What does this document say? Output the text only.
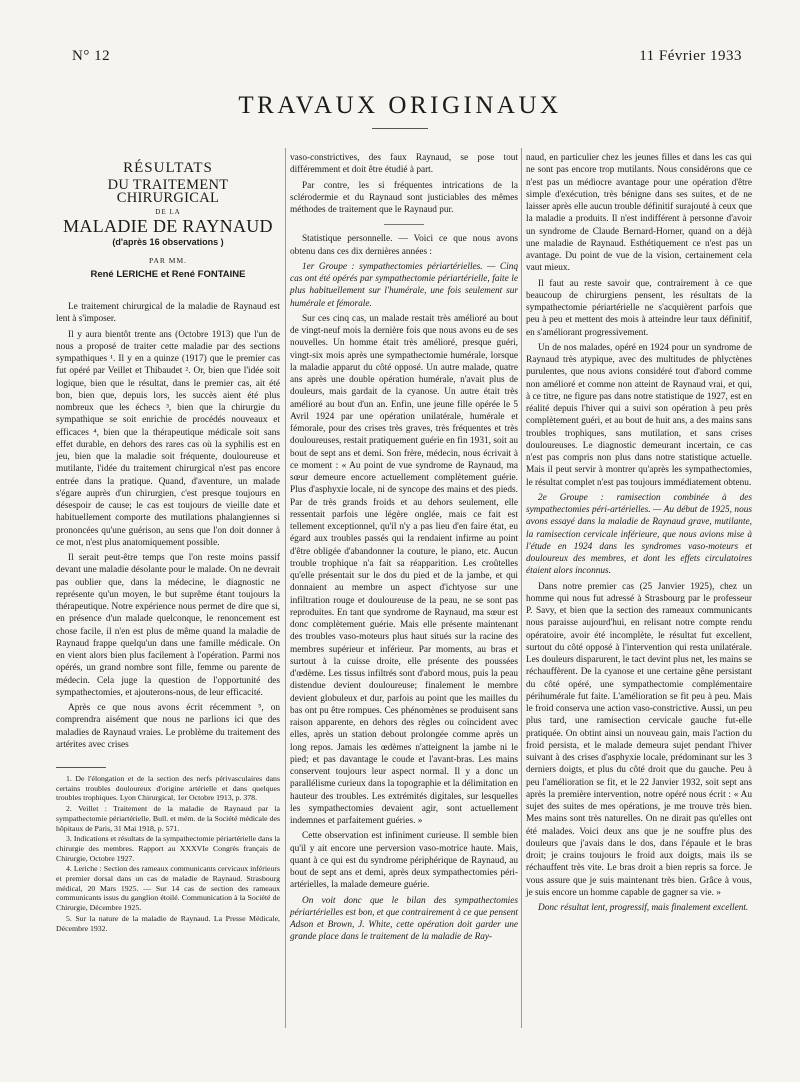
N° 12	11 Février 1933
TRAVAUX ORIGINAUX
RÉSULTATS
DU TRAITEMENT CHIRURGICAL
DE LA
MALADIE DE RAYNAUD
(d'après 16 observations )
PAR MM.
René LERICHE et René FONTAINE

Le traitement chirurgical de la maladie de Raynaud est lent à s'imposer.

Il y aura bientôt trente ans (Octobre 1913) que l'un de nous a proposé de traiter cette maladie par des sections sympathiques ¹. Il y en a quinze (1917) que le premier cas fut opéré par Veillet et Thibaudet ². Or, bien que l'idée soit logique, bien que le résultat, dans le premier cas, ait été bon, bien que, depuis lors, les succès aient été plus nombreux que les échecs ³, bien que la chirurgie du sympathique se soit enrichie de procédés nouveaux et efficaces ⁴, bien que la thérapeutique médicale soit sans effet durable, en dehors des rares cas où la syphilis est en jeu, bien que la maladie soit fréquente, douloureuse et mutilante, l'idée du traitement chirurgical n'est pas encore entrée dans la pratique. Quand, d'aventure, un malade s'égare auprès d'un chirurgien, c'est presque toujours en désespoir de cause; le cas est toujours de vieille date et habituellement comporte des mutilations phalangiennes si prononcées qu'une guérison, au sens que l'on doit donner à ce mot, n'est plus anatomiquement possible.

Il serait peut-être temps que l'on reste moins passif devant une maladie désolante pour le malade. On ne devrait pas oublier que, dans la médecine, le diagnostic ne représente qu'un moyen, le but suprême étant toujours la thérapeutique. Notre expérience nous permet de dire que si, en présence d'un malade quelconque, le renoncement est chose facile, il n'en est plus de même quand la maladie de Raynaud frappe quelqu'un dans une famille médicale. On en vient alors bien plus facilement à l'opération. Parmi nos opérés, un grand nombre sont fille, femme ou parente de médecin. Cela juge la question de l'opportunité des sympathectomies, et ajouterons-nous, de leur efficacité.

Après ce que nous avons écrit récemment ⁵, on comprendra aisément que nous ne parlions ici que des maladies de Raynaud vraies. Le problème du traitement des artérites avec crises

1. De l'élongation et de la section des nerfs périvasculaires dans certains troubles douloureux d'origine artérielle et dans quelques troubles trophiques. Lyon Chirurgical, 1er Octobre 1913, p. 378.

2. Veillet : Traitement de la maladie de Raynaud par la sympathectomie périartérielle. Bull. et mém. de la Société médicale des hôpitaux de Paris, 31 Mai 1918, p. 571.

3. Indications et résultats de la sympathectomie périartérielle dans la chirurgie des membres. Rapport au XXXVIe Congrès français de Chirurgie, Octobre 1927.

4. Leriche : Section des rameaux communicants cervicaux inférieurs et premier dorsal dans un cas de maladie de Raynaud. Strasbourg médical, 20 Mars 1925. — Sur 14 cas de section des rameaux communicants issus du ganglion étoilé. Communication à la Société de Chirurgie, Décembre 1925.

5. Sur la nature de la maladie de Raynaud. La Presse Médicale, Décembre 1932.

vaso-constrictives, des faux Raynaud, se pose tout différemment et doit être étudié à part.

Par contre, les si fréquentes intrications de la sclérodermie et du Raynaud sont justiciables des mêmes méthodes de traitement que le Raynaud pur.

Statistique personnelle. — Voici ce que nous avons obtenu dans ces dix dernières années :

1er Groupe : sympathectomies périartérielles. — Cinq cas ont été opérés par sympathectomie périartérielle, faite le plus habituellement sur l'humérale, une fois seulement sur humérale et fémorale.

Sur ces cinq cas, un malade restait très amélioré au bout de vingt-neuf mois la dernière fois que nous avons eu de ses nouvelles. Un homme était très amélioré, presque guéri, vingt-six mois après une sympathectomie humérale, lorsque la maladie apparut du côté opposé. Un autre malade, quatre ans après une double opération humérale, n'avait plus de douleurs, mais gardait de la cyanose. Un autre était très amélioré au bout d'un an. Enfin, une jeune fille opérée le 5 Avril 1924 par une opération unilatérale, humérale et fémorale, pour des crises très graves, très fréquentes et très douloureuses, restait pratiquement guérie en fin 1931, soit au bout de sept ans et demi. Son frère, médecin, nous écrivait à ce moment : « Au point de vue syndrome de Raynaud, ma sœur demeure encore actuellement complètement guérie. Plus d'asphyxie locale, ni de syncope des mains et des pieds. Par de très grands froids et au dehors seulement, elle ressentait parfois une légère onglée, mais ce fait est tellement exceptionnel, qu'il n'y a pas lieu d'en faire état, eu égard aux troubles passés qui la rendaient infirme au point d'être obligée d'abandonner la couture, le piano, etc. Aucun trouble trophique n'a fait sa réapparition. Les croûtelles qu'elle présentait sur le dos du pied et de la jambe, et qui donnaient au membre un aspect d'ichtyose sur une infiltration rouge et douloureuse de la peau, ne se sont pas reproduites. En tant que syndrome de Raynaud, ma sœur est donc complètement guérie. Mais elle présente maintenant des troubles vaso-moteurs plus haut situés sur la racine des membres supérieur et inférieur. Par moments, au bras et surtout à la cuisse droite, elle présente des poussées d'œdème. Les tissus infiltrés sont d'abord mous, puis la peau distendue devient douloureuse; finalement le membre devient globuleux et dur, parfois au point que les mailles du bas ont pu être rompues. Ces phénomènes se produisent sans raison apparente, en dehors des règles ou coïncident avec elles, après un station debout prolongée comme après un long repos. Jamais les œdèmes n'atteignent la jambe ni le pied; et pas davantage le coude et l'avant-bras. Les mains conservent toujours leur aspect normal. Il y a donc un parallélisme curieux dans la topographie et la délimitation en hauteur des troubles. Les extrémités digitales, sur lesquelles les sympathectomies devaient agir, sont actuellement indemnes et parfaitement guéries. »

Cette observation est infiniment curieuse. Il semble bien qu'il y ait encore une perversion vaso-motrice haute. Mais, quant à ce qui est du syndrome périphérique de Raynaud, au bout de sept ans et demi, après deux sympathectomies péri-artérielles, la malade demeure guérie.

On voit donc que le bilan des sympathectomies périartérielles est bon, et que contrairement à ce que pensent Adson et Brown, J. White, cette opération doit garder une grande place dans le traitement de la maladie de Ray-

naud, en particulier chez les jeunes filles et dans les cas qui ne sont pas encore trop mutilants. Nous considérons que ce n'est pas un médiocre avantage pour une opération d'être simple d'exécution, très bénigne dans ses suites, et de ne laisser après elle aucun trouble définitif surajouté à ceux que la maladie a produits. Il n'est indifférent à personne d'avoir un syndrome de Claude Bernard-Horner, quand on a déjà une maladie de Raynaud. Esthétiquement ce n'est pas un avantage. Du point de vue de la vision, certainement cela vaut mieux.

Il faut au reste savoir que, contrairement à ce que beaucoup de chirurgiens pensent, les résultats de la sympathectomie périartérielle ne s'acquièrent parfois que peu à peu et mettent des mois à atteindre leur taux définitif, en s'améliorant progressivement.

Un de nos malades, opéré en 1924 pour un syndrome de Raynaud très atypique, avec des multitudes de phlyctènes purulentes, que nous avions considéré tout d'abord comme non amélioré et comme non atteint de Raynaud vrai, et qui, à ce titre, ne figure pas dans notre statistique de 1927, est en réalité depuis l'hiver qui a suivi son opération à peu près complètement guéri, et au bout de huit ans, a des mains sans troubles trophiques, sans mutilation, et sans crises douloureuses. Le diagnostic demeurant incertain, ce cas n'est pas compris non plus dans notre statistique actuelle. Mais il peut servir à montrer qu'après les sympathectomies, le résultat complet n'est pas toujours immédiatement obtenu.

2e Groupe : ramisection combinée à des sympathectomies péri-artérielles. — Au début de 1925, nous avons essayé dans la maladie de Raynaud grave, mutilante, la ramisection cervicale inférieure, que nous avions mise à l'étude en 1924 dans les syndromes vaso-moteurs et douloureux des membres, et dont les effets circulatoires étaient alors inconnus.

Dans notre premier cas (25 Janvier 1925), chez un homme qui nous fut adressé à Strasbourg par le professeur P. Savy, et bien que la section des rameaux communicants nous paraisse aujourd'hui, en relisant notre compte rendu opératoire, avoir été incomplète, le résultat fut excellent, surtout du côté opposé à l'intervention qui resta unilatérale. Les douleurs disparurent, le tact devint plus net, les mains se réchauffèrent. De la cyanose et une certaine gêne persistant du côté opéré, une sympathectomie complémentaire périhumérale fut faite. L'amélioration se fit peu à peu. Mais le froid conserva une action vaso-constrictive. Aussi, un peu plus tard, une ramisection cervicale gauche fut-elle pratiquée. On obtint ainsi un nouveau gain, mais l'action du froid persista, et le malade demeura sujet pendant l'hiver suivant à des crises d'asphyxie locale, prédominant sur les 3 derniers doigts, et plus du côté droit que du gauche. Peu à peu l'amélioration se fit, et le 22 Janvier 1932, soit sept ans après la première intervention, notre opéré nous écrit : « Au sujet des suites de mes opérations, je me trouve très bien. Mes mains sont très naturelles. On ne dirait pas qu'elles ont été malades. Voici deux ans que je ne souffre plus des douleurs que j'avais dans le dos, dans l'épaule et le bras droit; je crains toujours le froid aux doigts, mais ils se réchauffent très vite. Le bras droit a bien repris sa force. Je vous assure que je suis maintenant très bien. Grâce à vous, je suis encore un homme capable de gagner sa vie. »

Donc résultat lent, progressif, mais finalement excellent.
